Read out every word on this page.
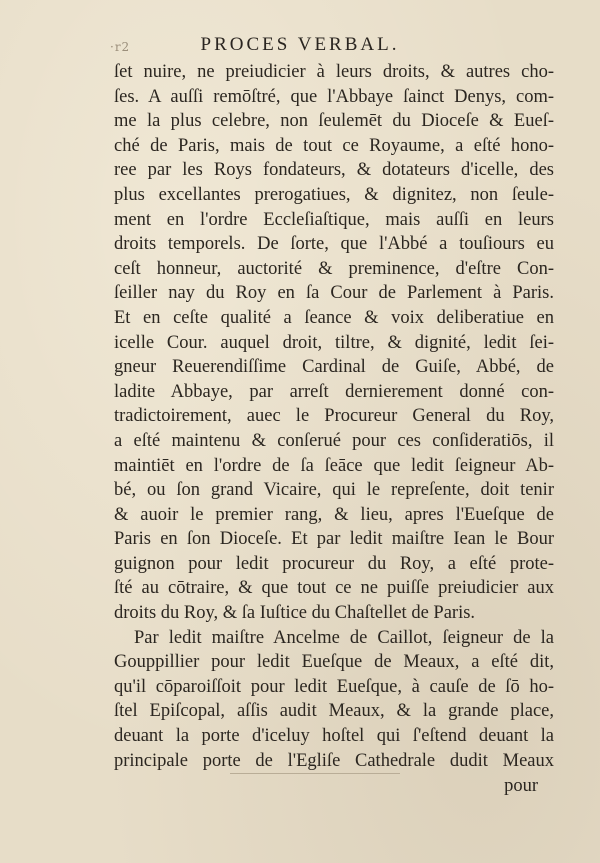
·r2	PROCES VERBAL.
ſet nuire, ne preiudicier à leurs droits, & autres cho-
ſes. A auſſi remōſtré, que l'Abbaye ſainct Denys, com-
me la plus celebre, non ſeulemēt du Dioceſe & Eueſ-
ché de Paris, mais de tout ce Royaume, a eſté hono-
ree par les Roys fondateurs, & dotateurs d'icelle, des
plus excellantes prerogatiues, & dignitez, non ſeule-
ment en l'ordre Eccleſiaſtique, mais auſſi en leurs
droits temporels. De ſorte, que l'Abbé a touſiours eu
ceſt honneur, auctorité & preminence, d'eſtre Con-
ſeiller nay du Roy en ſa Cour de Parlement à Paris.
Et en ceſte qualité a ſeance & voix deliberatiue en
icelle Cour. auquel droit, tiltre, & dignité, ledit ſei-
gneur Reuerendiſſime Cardinal de Guiſe, Abbé, de
ladite Abbaye, par arreſt dernierement donné con-
tradictoirement, auec le Procureur General du Roy,
a eſté maintenu & conſerué pour ces conſideratiōs, il
maintiēt en l'ordre de ſa ſeāce que ledit ſeigneur Ab-
bé, ou ſon grand Vicaire, qui le repreſente, doit tenir
& auoir le premier rang, & lieu, apres l'Eueſque de
Paris en ſon Dioceſe. Et par ledit maiſtre Iean le Bour
guignon pour ledit procureur du Roy, a eſté prote-
ſté au cōtraire, & que tout ce ne puiſſe preiudicier aux
droits du Roy, & ſa Iuſtice du Chaſtellet de Paris.
Par ledit maiſtre Ancelme de Caillot, ſeigneur de la
Gouppillier pour ledit Eueſque de Meaux, a eſté dit,
qu'il cōparoiſſoit pour ledit Eueſque, à cauſe de ſō ho-
ſtel Epiſcopal, aſſis audit Meaux, & la grande place,
deuant la porte d'iceluy hoſtel qui ſ'eſtend deuant la
principale porte de l'Egliſe Cathedrale dudit Meaux
pour
